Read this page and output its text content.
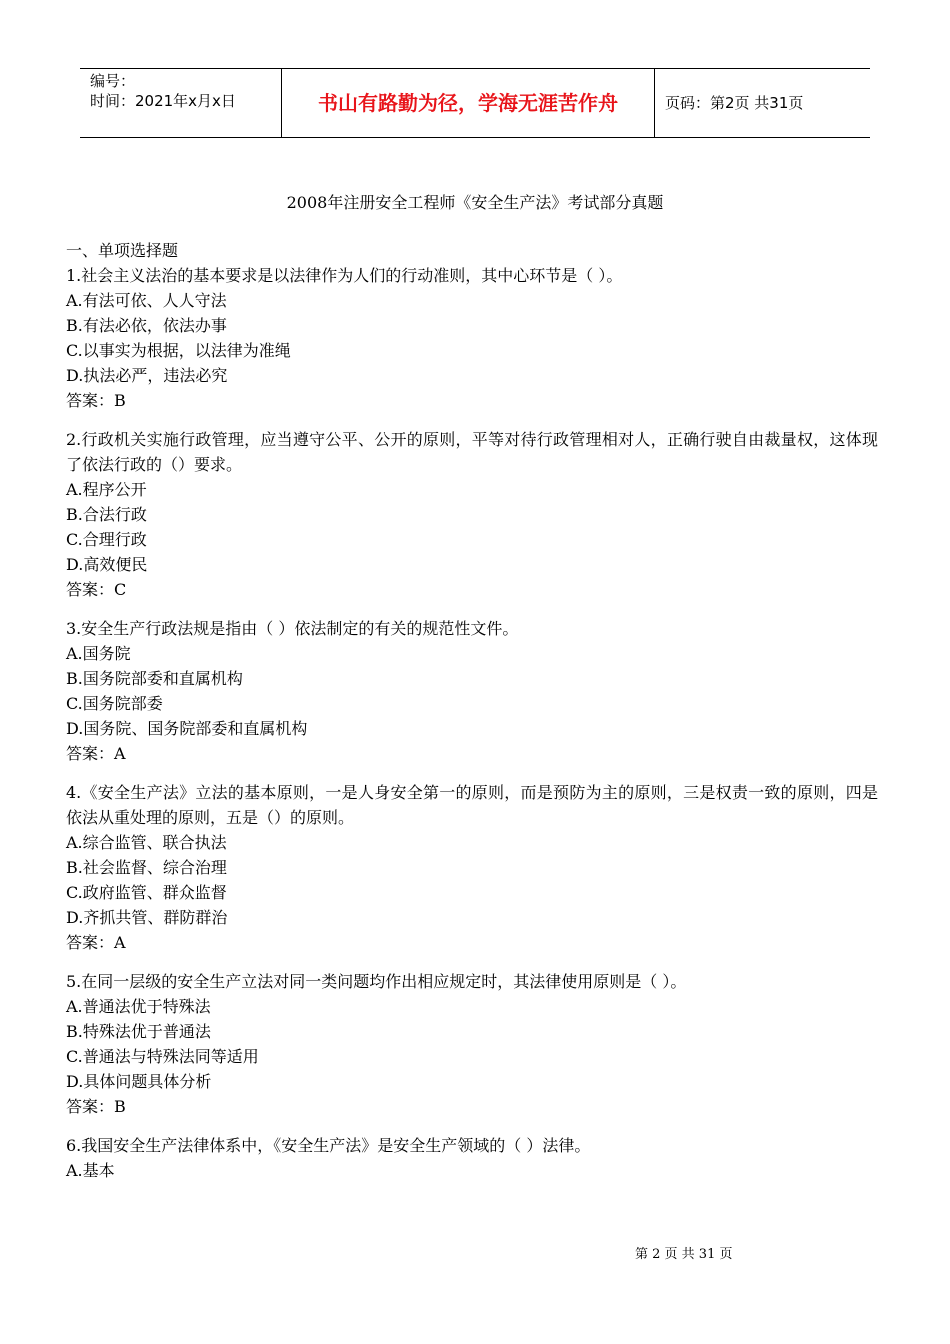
编号：
时间：2021年x月x日	书山有路勤为径，学海无涯苦作舟	页码：第2页 共31页
2008年注册安全工程师《安全生产法》考试部分真题
一、单项选择题
1.社会主义法治的基本要求是以法律作为人们的行动准则，其中心环节是（ ）。
A.有法可依、人人守法
B.有法必依，依法办事
C.以事实为根据，以法律为准绳
D.执法必严，违法必究
答案：B
2.行政机关实施行政管理，应当遵守公平、公开的原则，平等对待行政管理相对人，正确行驶自由裁量权，这体现了依法行政的（）要求。
A.程序公开
B.合法行政
C.合理行政
D.高效便民
答案：C
3.安全生产行政法规是指由（ ）依法制定的有关的规范性文件。
A.国务院
B.国务院部委和直属机构
C.国务院部委
D.国务院、国务院部委和直属机构
答案：A
4.《安全生产法》立法的基本原则，一是人身安全第一的原则，而是预防为主的原则，三是权责一致的原则，四是依法从重处理的原则，五是（）的原则。
A.综合监管、联合执法
B.社会监督、综合治理
C.政府监管、群众监督
D.齐抓共管、群防群治
答案：A
5.在同一层级的安全生产立法对同一类问题均作出相应规定时，其法律使用原则是（ ）。
A.普通法优于特殊法
B.特殊法优于普通法
C.普通法与特殊法同等适用
D.具体问题具体分析
答案：B
6.我国安全生产法律体系中，《安全生产法》是安全生产领域的（ ）法律。
A.基本
第 2 页 共 31 页
